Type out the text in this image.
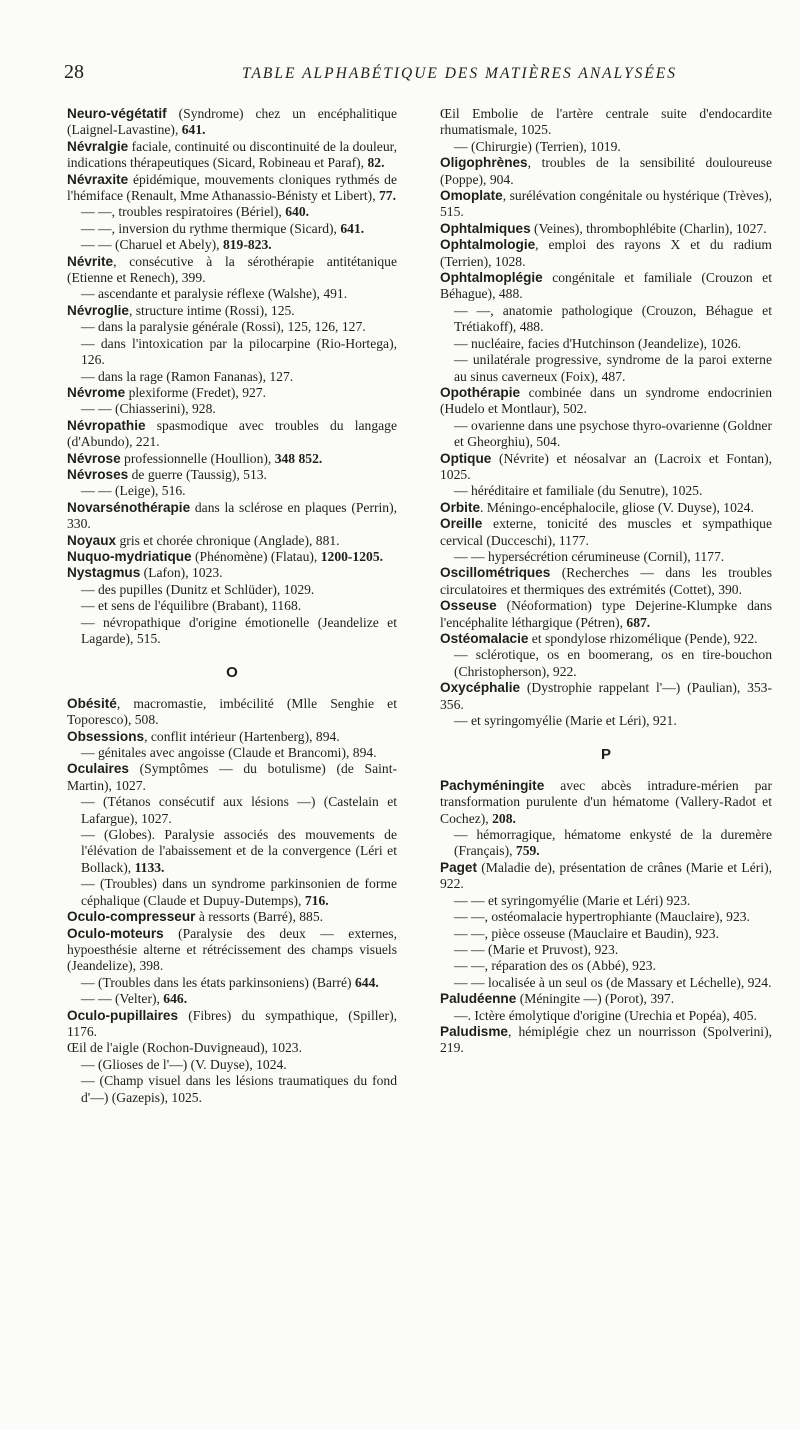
28	TABLE ALPHABÉTIQUE DES MATIÈRES ANALYSÉES

Neuro-végétatif (Syndrome) chez un encéphalitique (Laignel-Lavastine), 641.

Névralgie faciale, continuité ou discontinuité de la douleur, indications thérapeutiques (Sicard, Robineau et Paraf), 82.

Névraxite épidémique, mouvements cloniques rythmés de l'hémiface (Renault, Mme Athanassio-Bénisty et Libert), 77.

— —, troubles respiratoires (Bériel), 640.

— —, inversion du rythme thermique (Sicard), 641.

— — (Charuel et Abely), 819-823.

Névrite, consécutive à la sérothérapie antitétanique (Etienne et Renech), 399.

— ascendante et paralysie réflexe (Walshe), 491.

Névroglie, structure intime (Rossi), 125.

— dans la paralysie générale (Rossi), 125, 126, 127.

— dans l'intoxication par la pilocarpine (Rio-Hortega), 126.

— dans la rage (Ramon Fananas), 127.

Névrome plexiforme (Fredet), 927.

— — (Chiasserini), 928.

Névropathie spasmodique avec troubles du langage (d'Abundo), 221.

Névrose professionnelle (Houllion), 348 852.

Névroses de guerre (Taussig), 513.

— — (Leige), 516.

Novarsénothérapie dans la sclérose en plaques (Perrin), 330.

Noyaux gris et chorée chronique (Anglade), 881.

Nuquo-mydriatique (Phénomène) (Flatau), 1200-1205.

Nystagmus (Lafon), 1023.

— des pupilles (Dunitz et Schlüder), 1029.

— et sens de l'équilibre (Brabant), 1168.

— névropathique d'origine émotionelle (Jeandelize et Lagarde), 515.

O

Obésité, macromastie, imbécilité (Mlle Senghie et Toporesco), 508.

Obsessions, conflit intérieur (Hartenberg), 894.

— génitales avec angoisse (Claude et Brancomi), 894.

Oculaires (Symptômes — du botulisme) (de Saint-Martin), 1027.

— (Tétanos consécutif aux lésions —) (Castelain et Lafargue), 1027.

— (Globes). Paralysie associés des mouvements de l'élévation de l'abaissement et de la convergence (Léri et Bollack), 1133.

— (Troubles) dans un syndrome parkinsonien de forme céphalique (Claude et Dupuy-Dutemps), 716.

Oculo-compresseur à ressorts (Barré), 885.

Oculo-moteurs (Paralysie des deux — externes, hypoesthésie alterne et rétrécissement des champs visuels (Jeandelize), 398.

— (Troubles dans les états parkinsoniens) (Barré) 644.

— — (Velter), 646.

Oculo-pupillaires (Fibres) du sympathique, (Spiller), 1176.

Œil de l'aigle (Rochon-Duvigneaud), 1023.

— (Glioses de l'—) (V. Duyse), 1024.

— (Champ visuel dans les lésions traumatiques du fond d'—) (Gazepis), 1025.

Œil Embolie de l'artère centrale suite d'endocardite rhumatismale, 1025.

— (Chirurgie) (Terrien), 1019.

Oligophrènes, troubles de la sensibilité douloureuse (Poppe), 904.

Omoplate, surélévation congénitale ou hystérique (Trèves), 515.

Ophtalmiques (Veines), thrombophlébite (Charlin), 1027.

Ophtalmologie, emploi des rayons X et du radium (Terrien), 1028.

Ophtalmoplégie congénitale et familiale (Crouzon et Béhague), 488.

— —, anatomie pathologique (Crouzon, Béhague et Trétiakoff), 488.

— nucléaire, facies d'Hutchinson (Jeandelize), 1026.

— unilatérale progressive, syndrome de la paroi externe au sinus caverneux (Foix), 487.

Opothérapie combinée dans un syndrome endocrinien (Hudelo et Montlaur), 502.

— ovarienne dans une psychose thyro-ovarienne (Goldner et Gheorghiu), 504.

Optique (Névrite) et néosalvar an (Lacroix et Fontan), 1025.

— héréditaire et familiale (du Senutre), 1025.

Orbite. Méningo-encéphalocile, gliose (V. Duyse), 1024.

Oreille externe, tonicité des muscles et sympathique cervical (Ducceschi), 1177.

— — hypersécrétion cérumineuse (Cornil), 1177.

Oscillométriques (Recherches — dans les troubles circulatoires et thermiques des extrémités (Cottet), 390.

Osseuse (Néoformation) type Dejerine-Klumpke dans l'encéphalite léthargique (Pétren), 687.

Ostéomalacie et spondylose rhizomélique (Pende), 922.

— sclérotique, os en boomerang, os en tire-bouchon (Christopherson), 922.

Oxycéphalie (Dystrophie rappelant l'—) (Paulian), 353-356.

— et syringomyélie (Marie et Léri), 921.

P

Pachyméningite avec abcès intradure-mérien par transformation purulente d'un hématome (Vallery-Radot et Cochez), 208.

— hémorragique, hématome enkysté de la duremère (Français), 759.

Paget (Maladie de), présentation de crânes (Marie et Léri), 922.

— — et syringomyélie (Marie et Léri) 923.

— —, ostéomalacie hypertrophiante (Mauclaire), 923.

— —, pièce osseuse (Mauclaire et Baudin), 923.

— — (Marie et Pruvost), 923.

— —, réparation des os (Abbé), 923.

— — localisée à un seul os (de Massary et Léchelle), 924.

Paludéenne (Méningite —) (Porot), 397.

—. Ictère émolytique d'origine (Urechia et Popéa), 405.

Paludisme, hémiplégie chez un nourrisson (Spolverini), 219.
